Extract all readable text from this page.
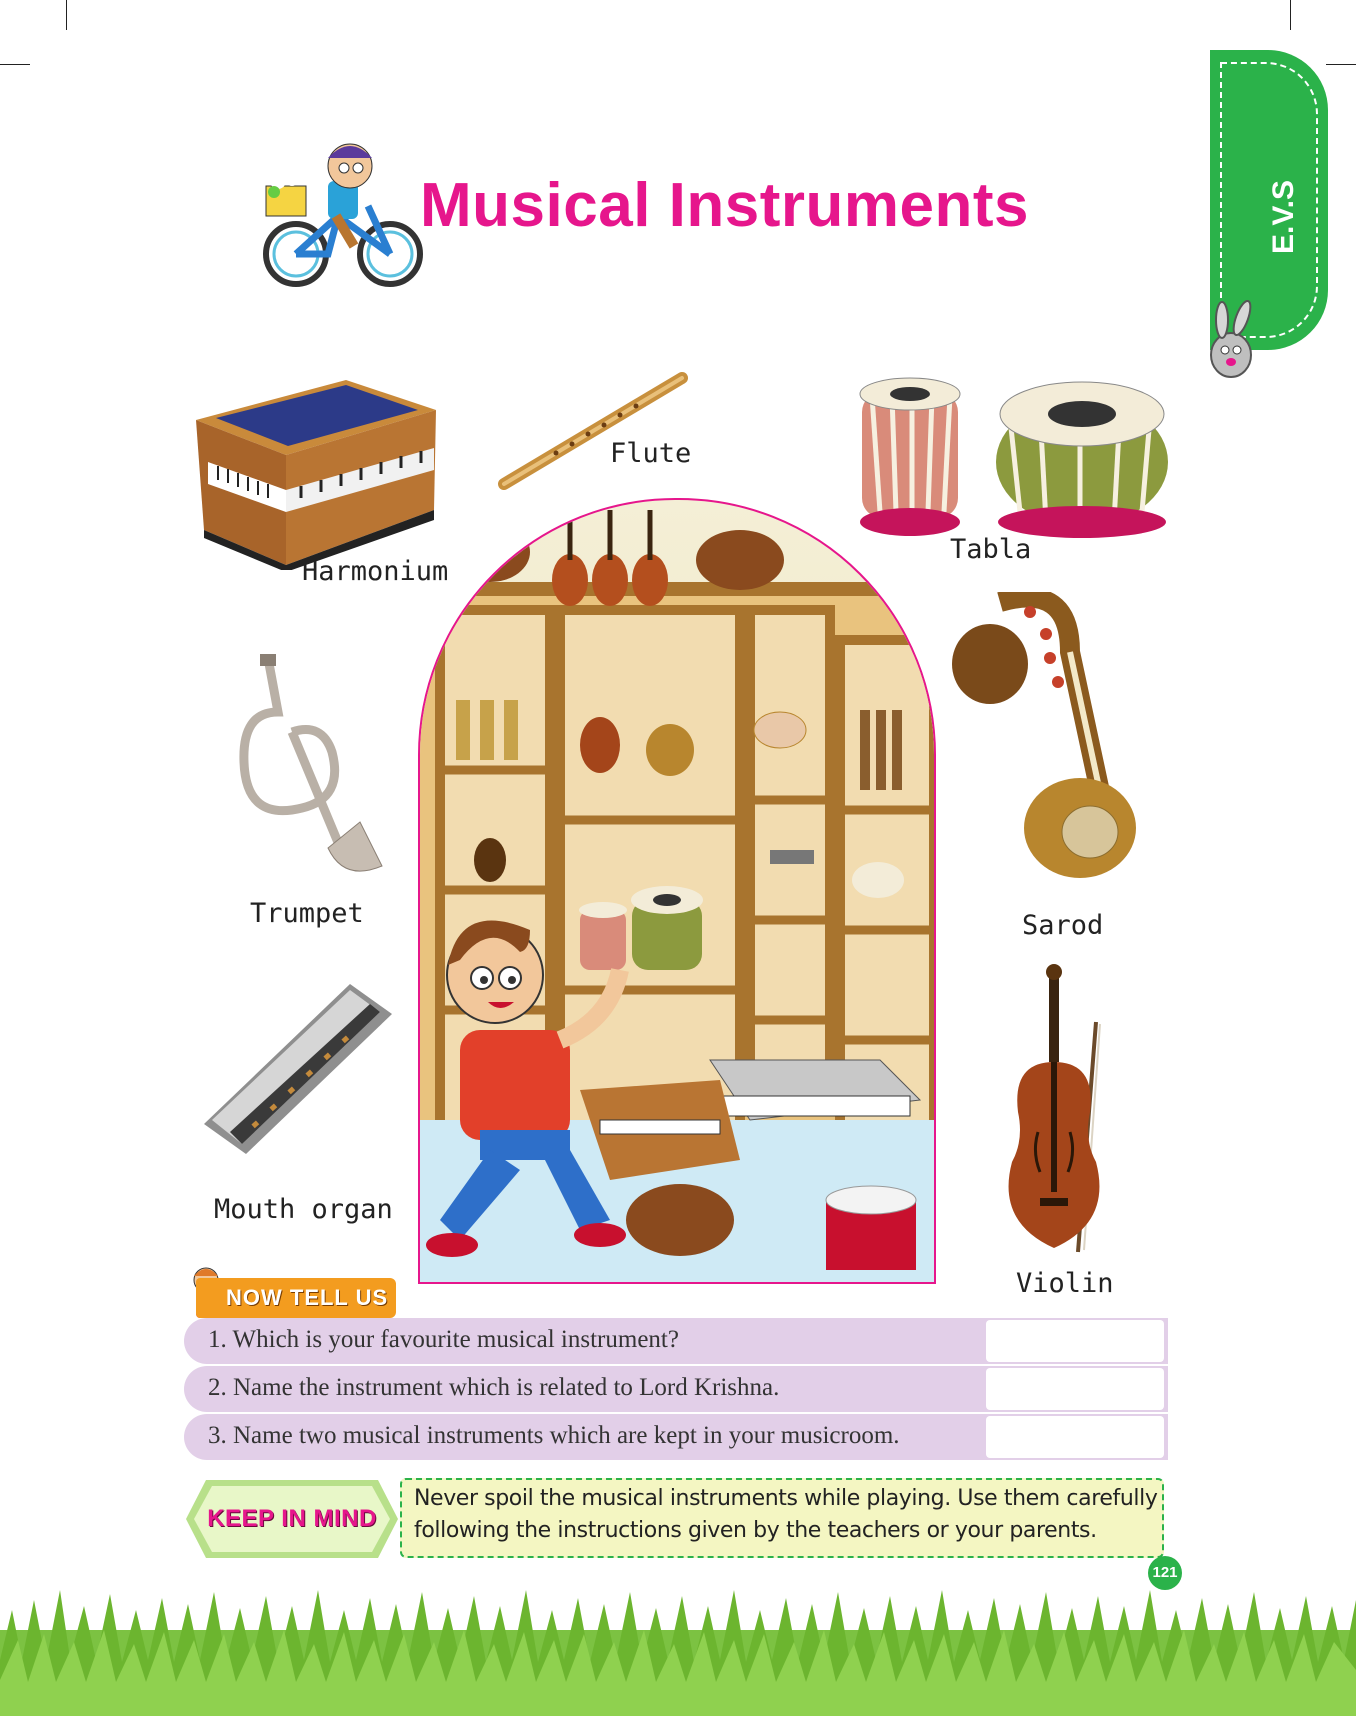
E.V.S
Musical Instruments
Harmonium
Flute
Tabla
Trumpet	Sarod
Mouth organ
Violin
NOW TELL US
1. Which is your favourite musical instrument?
2. Name the instrument which is related to Lord Krishna.
3. Name two musical instruments which are kept in your musicroom.
KEEP IN MIND
Never spoil the musical instruments while playing. Use them carefully
following the instructions given by the teachers or your parents.
121
